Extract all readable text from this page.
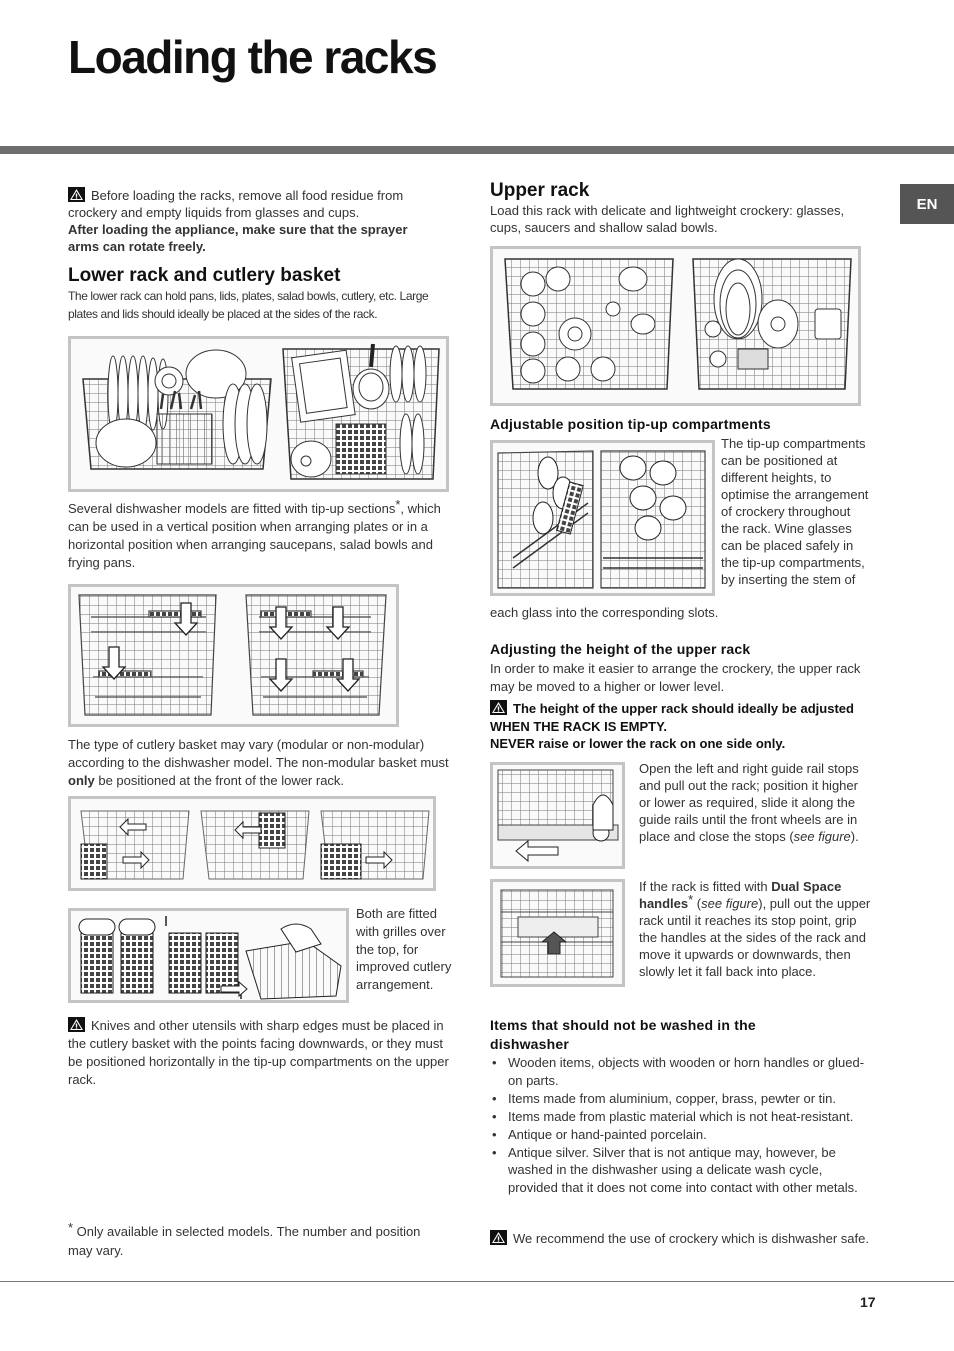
Loading the racks
EN

Before loading the racks, remove all food residue from crockery and empty liquids from glasses and cups.
After loading the appliance, make sure that the sprayer arms can rotate freely.

Lower rack and cutlery basket

The lower rack can hold pans, lids, plates, salad bowls, cutlery, etc. Large plates and lids should ideally be placed at the sides of the rack.

Several dishwasher models are fitted with tip-up sections*, which can be used in a vertical position when arranging plates or in a horizontal position when arranging saucepans, salad bowls and frying pans.

The type of cutlery basket may vary (modular or non-modular) according to the dishwasher model. The non-modular basket must only be positioned at the front of the lower rack.

Both are fitted with grilles over the top, for improved cutlery arrangement.

Knives and other utensils with sharp edges must be placed in the cutlery basket with the points facing downwards, or they must be positioned horizontally in the tip-up compartments on the upper rack.

* Only available in selected models. The number and position may vary.

Upper rack

Load this rack with delicate and lightweight crockery: glasses, cups, saucers and shallow salad bowls.

Adjustable position tip-up compartments

The tip-up compartments can be positioned at different heights, to optimise the arrangement of crockery throughout the rack. Wine glasses can be placed safely in the tip-up compartments, by inserting the stem of

each glass into the corresponding slots.

Adjusting the height of the upper rack

In order to make it easier to arrange the crockery, the upper rack may be moved to a higher or lower level.

The height of the upper rack should ideally be adjusted
WHEN THE RACK IS EMPTY.
NEVER raise or lower the rack on one side only.

Open the left and right guide rail stops and pull out the rack; position it higher or lower as required, slide it along the guide rails until the front wheels are in place and close the stops (see figure).

If the rack is fitted with Dual Space handles* (see figure), pull out the upper rack until it reaches its stop point, grip the handles at the sides of the rack and move it upwards or downwards, then slowly let it fall back into place.

Items that should not be washed in the dishwasher
• Wooden items, objects with wooden or horn handles or glued-on parts.
• Items made from aluminium, copper, brass, pewter or tin.
• Items made from plastic material which is not heat-resistant.
• Antique or hand-painted porcelain.
• Antique silver. Silver that is not antique may, however, be washed in the dishwasher using a delicate wash cycle, provided that it does not come into contact with other metals.

We recommend the use of crockery which is dishwasher safe.

17
